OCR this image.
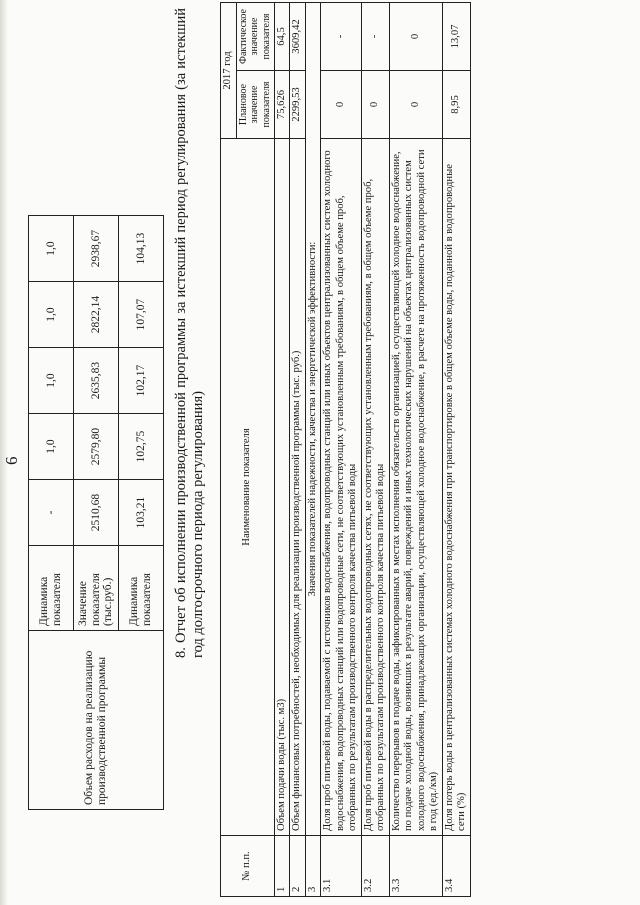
6
Объем расходов на реализацию производственной программы	Динамика показателя	-	1,0	1,0	1,0	1,0
	Значение показателя (тыс.руб.)	2510,68	2579,80	2635,83	2822,14	2938,67
	Динамика показателя	103,21	102,75	102,17	107,07	104,13 8. Отчет об исполнении производственной программы за истекший период регулирования (за истекший год долгосрочного периода регулирования)
№ п.п.	Наименование показателя	2017 год	
		Плановое значение показателя	Фактическое значение показателя
1	Объем подачи воды (тыс. м3)	75,626	64,5
2	Объем финансовых потребностей, необходимых для реализации производственной программы (тыс. руб.)	2299,53	3609,42
3	Значения показателей надежности, качества и энергетической эффективности:		
3.1	Доля проб питьевой воды, подаваемой с источников водоснабжения, водопроводных станций или иных объектов централизованных систем холодного водоснабжения, водопроводных станций или водопроводные сети, не соответствующих установленным требованиям, в общем объеме проб, отобранных по результатам производственного контроля качества питьевой воды	0	-
3.2	Доля проб питьевой воды в распределительных водопроводных сетях, не соответствующих установленным требованиям, в общем объеме проб, отобранных по результатам производственного контроля качества питьевой воды	0	-
3.3	Количество перерывов в подаче воды, зафиксированных в местах исполнения обязательств организацией, осуществляющей холодное водоснабжение, по подаче холодной воды, возникших в результате аварий, повреждений и иных технологических нарушений на объектах централизованных систем холодного водоснабжения, принадлежащих организации, осуществляющей холодное водоснабжение, в расчете на протяженность водопроводной сети в год (ед./км)	0	0
3.4	Доля потерь воды в централизованных системах холодного водоснабжения при транспортировке в общем объеме воды, поданной в водопроводные сети (%)	8,95	13,07
